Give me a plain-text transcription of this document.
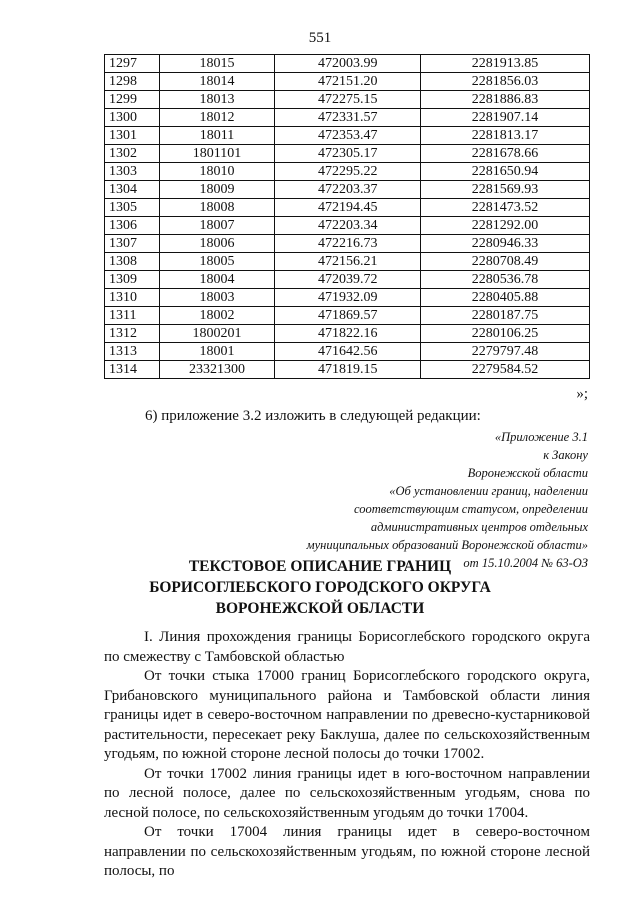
551
1297	18015	472003.99	2281913.85
1298	18014	472151.20	2281856.03
1299	18013	472275.15	2281886.83
1300	18012	472331.57	2281907.14
1301	18011	472353.47	2281813.17
1302	1801101	472305.17	2281678.66
1303	18010	472295.22	2281650.94
1304	18009	472203.37	2281569.93
1305	18008	472194.45	2281473.52
1306	18007	472203.34	2281292.00
1307	18006	472216.73	2280946.33
1308	18005	472156.21	2280708.49
1309	18004	472039.72	2280536.78
1310	18003	471932.09	2280405.88
1311	18002	471869.57	2280187.75
1312	1800201	471822.16	2280106.25
1313	18001	471642.56	2279797.48
1314	23321300	471819.15	2279584.52
»;
6) приложение 3.2 изложить в следующей редакции:
«Приложение 3.1
к Закону
Воронежской области
«Об установлении границ, наделении
соответствующим статусом, определении
административных центров отдельных
муниципальных образований Воронежской области»
от 15.10.2004 № 63-ОЗ
ТЕКСТОВОЕ ОПИСАНИЕ ГРАНИЦ
БОРИСОГЛЕБСКОГО ГОРОДСКОГО ОКРУГА
ВОРОНЕЖСКОЙ ОБЛАСТИ

I. Линия прохождения границы Борисоглебского городского округа по смежеству с Тамбовской областью

От точки стыка 17000 границ Борисоглебского городского округа, Грибановского муниципального района и Тамбовской области линия границы идет в северо-восточном направлении по древесно-кустарниковой растительности, пересекает реку Баклуша, далее по сельскохозяйственным угодьям, по южной стороне лесной полосы до точки 17002.

От точки 17002 линия границы идет в юго-восточном направлении по лесной полосе, далее по сельскохозяйственным угодьям, снова по лесной полосе, по сельскохозяйственным угодьям до точки 17004.

От точки 17004 линия границы идет в северо-восточном направлении по сельскохозяйственным угодьям, по южной стороне лесной полосы, по
